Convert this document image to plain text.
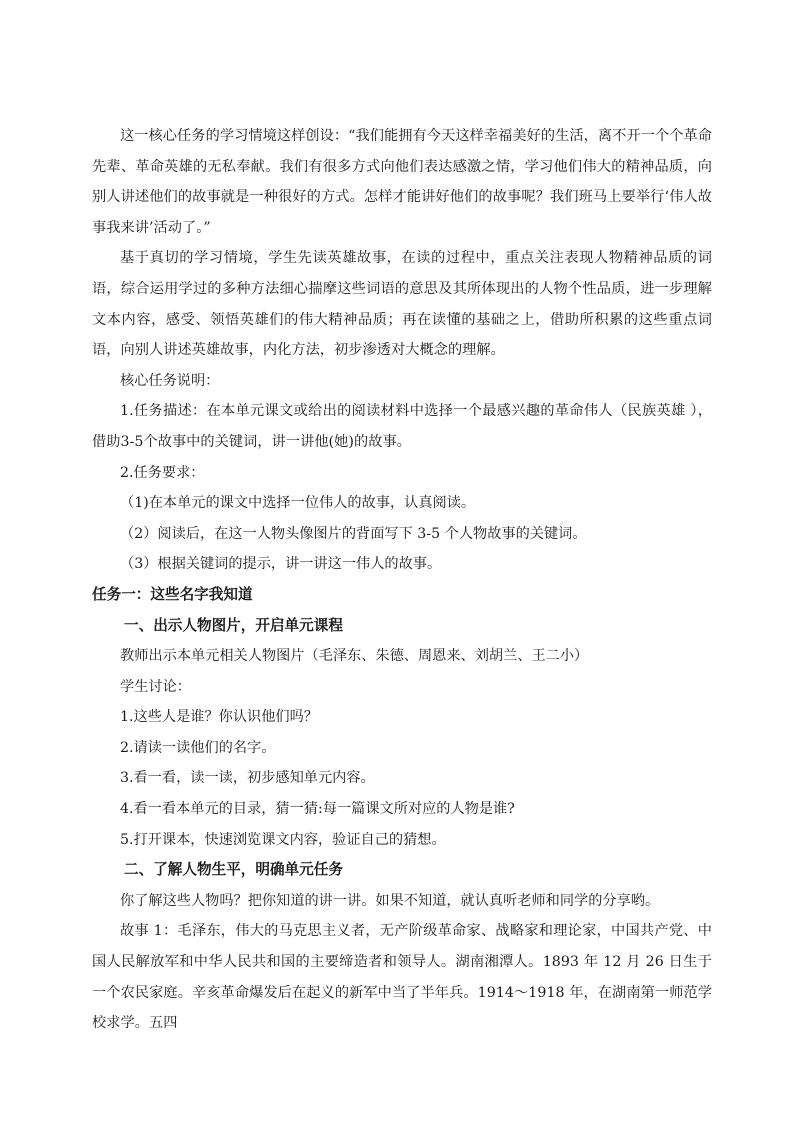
这一核心任务的学习情境这样创设：“我们能拥有今天这样幸福美好的生活，离不开一个个革命先辈、革命英雄的无私奉献。我们有很多方式向他们表达感激之情，学习他们伟大的精神品质，向别人讲述他们的故事就是一种很好的方式。怎样才能讲好他们的故事呢？我们班马上要举行‘伟人故事我来讲’活动了。”

基于真切的学习情境，学生先读英雄故事，在读的过程中，重点关注表现人物精神品质的词语，综合运用学过的多种方法细心揣摩这些词语的意思及其所体现出的人物个性品质，进一步理解文本内容，感受、领悟英雄们的伟大精神品质；再在读懂的基础之上，借助所积累的这些重点词语，向别人讲述英雄故事，内化方法，初步渗透对大概念的理解。

核心任务说明：

1.任务描述：在本单元课文或给出的阅读材料中选择一个最感兴趣的革命伟人（民族英雄 ），借助3-5个故事中的关键词，讲一讲他(她)的故事。

2.任务要求：

（1)在本单元的课文中选择一位伟人的故事，认真阅读。

（2）阅读后，在这一人物头像图片的背面写下 3-5 个人物故事的关键词。

（3）根据关键词的提示，讲一讲这一伟人的故事。

任务一：这些名字我知道

一、出示人物图片，开启单元课程

教师出示本单元相关人物图片（毛泽东、朱德、周恩来、刘胡兰、王二小）

学生讨论：

1.这些人是谁？你认识他们吗？

2.请读一读他们的名字。

3.看一看，读一读，初步感知单元内容。

4.看一看本单元的目录，猜一猜:每一篇课文所对应的人物是谁?

5.打开课本，快速浏览课文内容，验证自己的猜想。

二、了解人物生平，明确单元任务

你了解这些人物吗？把你知道的讲一讲。如果不知道，就认真听老师和同学的分享哟。

故事 1：毛泽东，伟大的马克思主义者，无产阶级革命家、战略家和理论家，中国共产党、中国人民解放军和中华人民共和国的主要缔造者和领导人。湖南湘潭人。1893 年 12 月 26 日生于一个农民家庭。辛亥革命爆发后在起义的新军中当了半年兵。1914～1918 年，在湖南第一师范学校求学。五四
